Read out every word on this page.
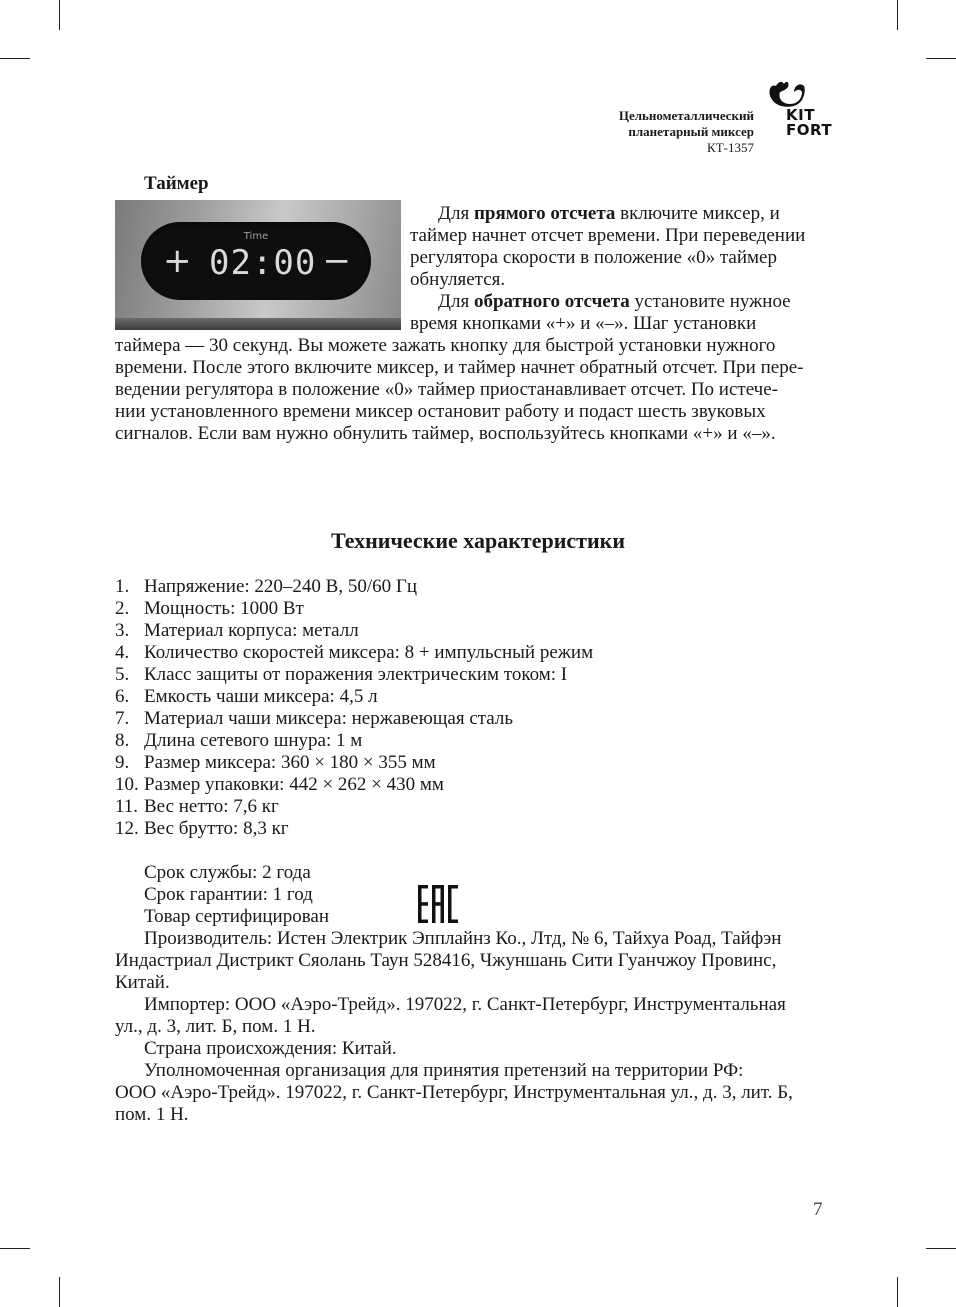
Цельнометаллический
планетарный миксер
КТ-1357
KIT
FORT
Таймер
Time
+ 02:00 −

Для прямого отсчета включите миксер, и

таймер начнет отсчет времени. При переведении

регулятора скорости в положение «0» таймер

обнуляется.

Для обратного отсчета установите нужное

время кнопками «+» и «–». Шаг установки

таймера — 30 секунд. Вы можете зажать кнопку для быстрой установки нужного

времени. После этого включите миксер, и таймер начнет обратный отсчет. При пере-

ведении регулятора в положение «0» таймер приостанавливает отсчет. По истече-

нии установленного времени миксер остановит работу и подаст шесть звуковых

сигналов. Если вам нужно обнулить таймер, воспользуйтесь кнопками «+» и «–».

Технические характеристики
1. Напряжение: 220–240 В, 50/60 Гц
2. Мощность: 1000 Вт
3. Материал корпуса: металл
4. Количество скоростей миксера: 8 + импульсный режим
5. Класс защиты от поражения электрическим током: I
6. Емкость чаши миксера: 4,5 л
7. Материал чаши миксера: нержавеющая сталь
8. Длина сетевого шнура: 1 м
9. Размер миксера: 360 × 180 × 355 мм
10. Размер упаковки: 442 × 262 × 430 мм
11. Вес нетто: 7,6 кг
12. Вес брутто: 8,3 кг

Срок службы: 2 года

Срок гарантии: 1 год

Товар сертифицирован

Производитель: Истен Электрик Эпплайнз Ко., Лтд, № 6, Тайхуа Роад, Тайфэн

Индастриал Дистрикт Сяолань Таун 528416, Чжуншань Сити Гуанчжоу Провинс,

Китай.

Импортер: ООО «Аэро-Трейд». 197022, г. Санкт-Петербург, Инструментальная

ул., д. 3, лит. Б, пом. 1 Н.

Страна происхождения: Китай.

Уполномоченная организация для принятия претензий на территории РФ:

ООО «Аэро-Трейд». 197022, г. Санкт-Петербург, Инструментальная ул., д. 3, лит. Б,

пом. 1 Н.

7
